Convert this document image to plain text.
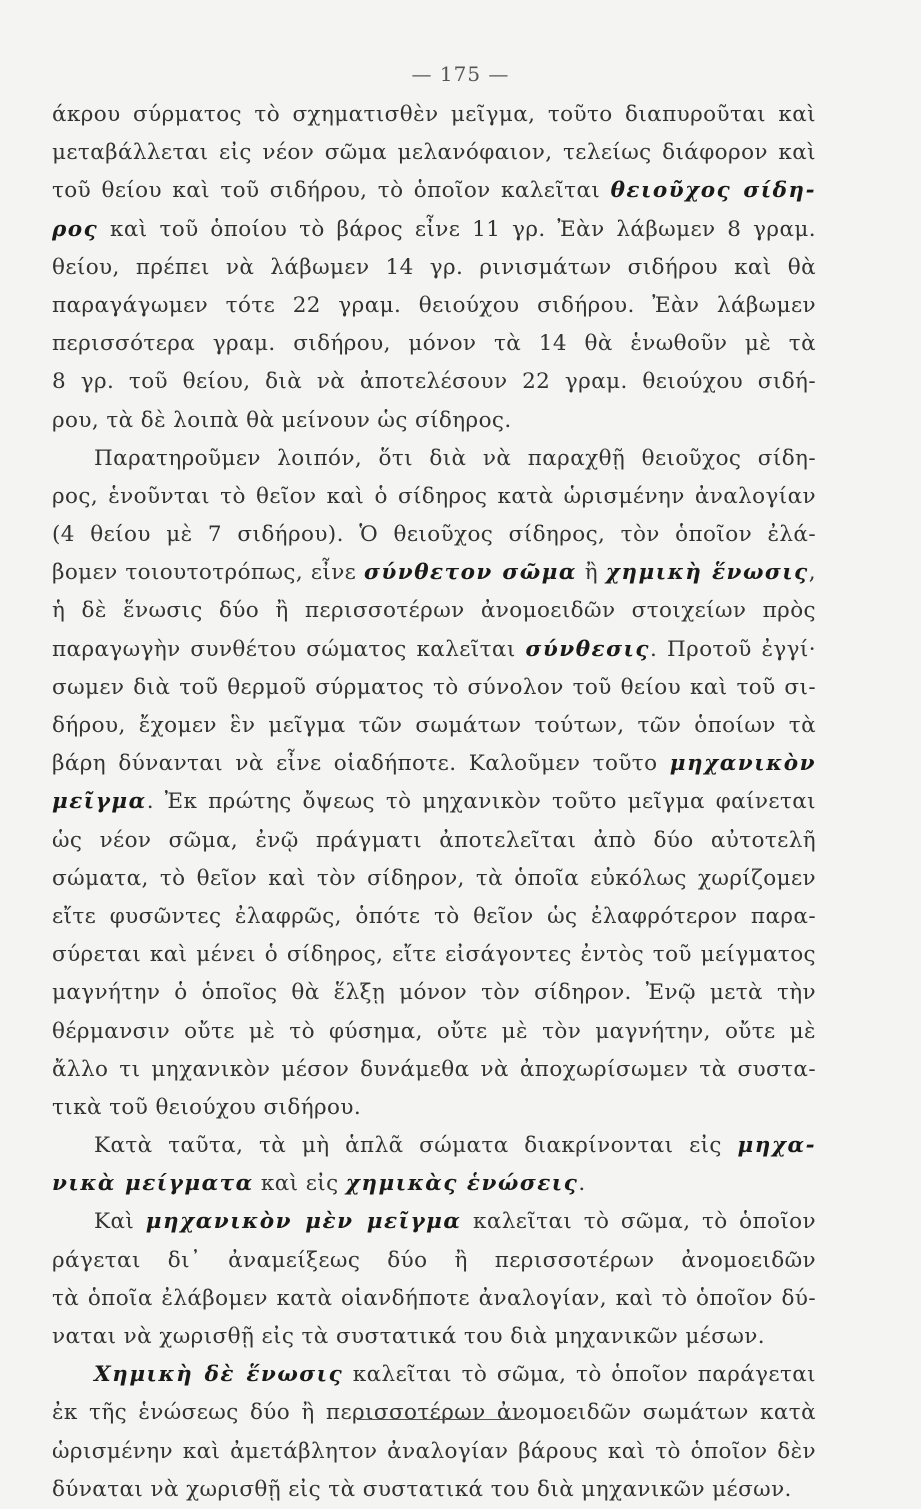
— 175 —
άκρου σύρματος τὸ σχηματισθὲν μεῖγμα, τοῦτο διαπυροῦται καὶ
μεταβάλλεται εἰς νέον σῶμα μελανόφαιον, τελείως διάφορον καὶ
τοῦ θείου καὶ τοῦ σιδήρου, τὸ ὁποῖον καλεῖται θειοῦχος σίδη-
ρος καὶ τοῦ ὁποίου τὸ βάρος εἶνε 11 γρ. Ἐὰν λάβωμεν 8 γραμ.
θείου, πρέπει νὰ λάβωμεν 14 γρ. ρινισμάτων σιδήρου καὶ θὰ
παραγάγωμεν τότε 22 γραμ. θειούχου σιδήρου. Ἐὰν λάβωμεν
περισσότερα γραμ. σιδήρου, μόνον τὰ 14 θὰ ἑνωθοῦν μὲ τὰ
8 γρ. τοῦ θείου, διὰ νὰ ἀποτελέσουν 22 γραμ. θειούχου σιδή-
ρου, τὰ δὲ λοιπὰ θὰ μείνουν ὡς σίδηρος.
Παρατηροῦμεν λοιπόν, ὅτι διὰ νὰ παραχθῇ θειοῦχος σίδη-
ρος, ἑνοῦνται τὸ θεῖον καὶ ὁ σίδηρος κατὰ ὡρισμένην ἀναλογίαν
(4 θείου μὲ 7 σιδήρου). Ὁ θειοῦχος σίδηρος, τὸν ὁποῖον ἐλά-
βομεν τοιουτοτρόπως, εἶνε σύνθετον σῶμα ἢ χημικὴ ἕνωσις,
ἡ δὲ ἕνωσις δύο ἢ περισσοτέρων ἀνομοειδῶν στοιχείων πρὸς
παραγωγὴν συνθέτου σώματος καλεῖται σύνθεσις. Προτοῦ ἐγγί·
σωμεν διὰ τοῦ θερμοῦ σύρματος τὸ σύνολον τοῦ θείου καὶ τοῦ σι-
δήρου, ἔχομεν ἓν μεῖγμα τῶν σωμάτων τούτων, τῶν ὁποίων τὰ
βάρη δύνανται νὰ εἶνε οἱαδήποτε. Καλοῦμεν τοῦτο μηχανικὸν
μεῖγμα. Ἐκ πρώτης ὄψεως τὸ μηχανικὸν τοῦτο μεῖγμα φαίνεται
ὡς νέον σῶμα, ἐνῷ πράγματι ἀποτελεῖται ἀπὸ δύο αὐτοτελῆ
σώματα, τὸ θεῖον καὶ τὸν σίδηρον, τὰ ὁποῖα εὐκόλως χωρίζομεν
εἴτε φυσῶντες ἐλαφρῶς, ὁπότε τὸ θεῖον ὡς ἐλαφρότερον παρα-
σύρεται καὶ μένει ὁ σίδηρος, εἴτε εἰσάγοντες ἐντὸς τοῦ μείγματος
μαγνήτην ὁ ὁποῖος θὰ ἕλξῃ μόνον τὸν σίδηρον. Ἐνῷ μετὰ τὴν
θέρμανσιν οὔτε μὲ τὸ φύσημα, οὔτε μὲ τὸν μαγνήτην, οὔτε μὲ
ἄλλο τι μηχανικὸν μέσον δυνάμεθα νὰ ἀποχωρίσωμεν τὰ συστα-
τικὰ τοῦ θειούχου σιδήρου.
Κατὰ ταῦτα, τὰ μὴ ἁπλᾶ σώματα διακρίνονται εἰς μηχα-
νικὰ μείγματα καὶ εἰς χημικὰς ἑνώσεις.
Καὶ μηχανικὸν μὲν μεῖγμα καλεῖται τὸ σῶμα, τὸ ὁποῖον
ράγεται δι᾽ ἀναμείξεως δύο ἢ περισσοτέρων ἀνομοειδῶν
τὰ ὁποῖα ἐλάβομεν κατὰ οἱανδήποτε ἀναλογίαν, καὶ τὸ ὁποῖον δύ-
ναται νὰ χωρισθῇ εἰς τὰ συστατικά του διὰ μηχανικῶν μέσων.
Χημικὴ δὲ ἕνωσις καλεῖται τὸ σῶμα, τὸ ὁποῖον παράγεται
ἐκ τῆς ἑνώσεως δύο ἢ περισσοτέρων ἀνομοειδῶν σωμάτων κατὰ
ὡρισμένην καὶ ἀμετάβλητον ἀναλογίαν βάρους καὶ τὸ ὁποῖον δὲν
δύναται νὰ χωρισθῇ εἰς τὰ συστατικά του διὰ μηχανικῶν μέσων.
